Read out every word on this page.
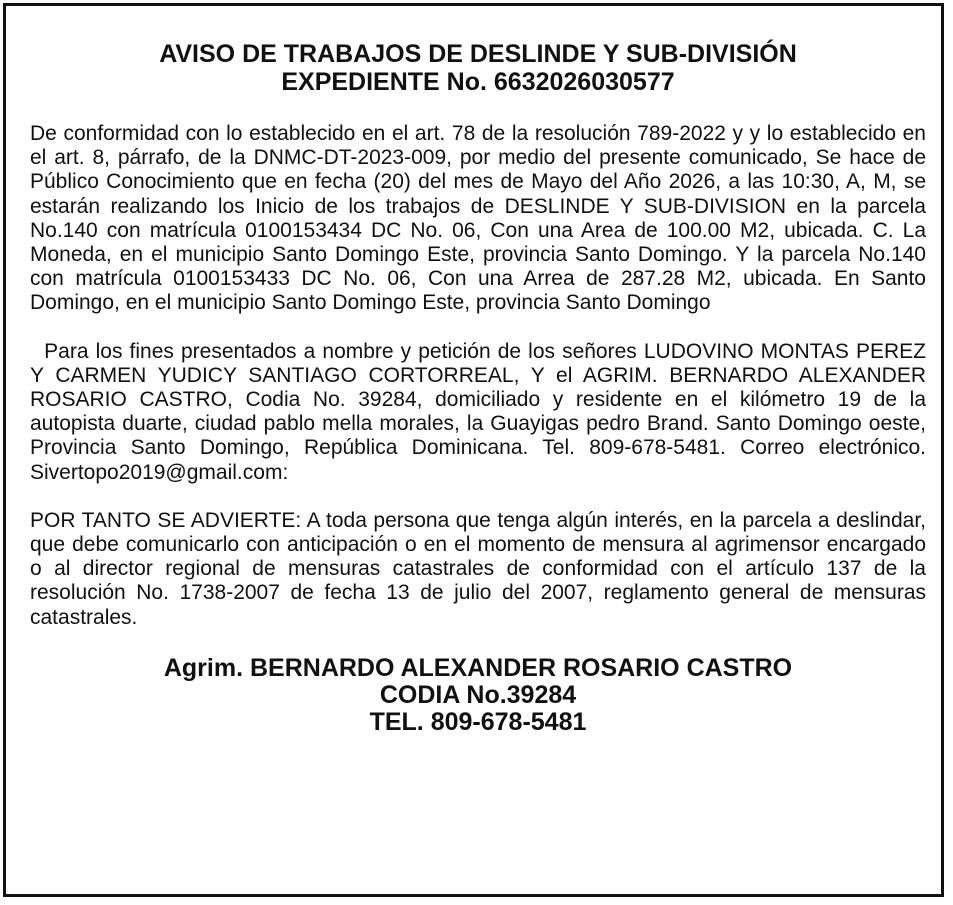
AVISO DE TRABAJOS DE DESLINDE Y SUB-DIVISIÓN

EXPEDIENTE No. 6632026030577

De conformidad con lo establecido en el art. 78 de la resolución 789-2022 y y lo establecido en el art. 8, párrafo, de la DNMC-DT-2023-009, por medio del presente comunicado, Se hace de Público Conocimiento que en fecha (20) del mes de Mayo del Año 2026, a las 10:30, A, M, se estarán realizando los Inicio de los trabajos de DESLINDE Y SUB-DIVISION en la parcela No.140 con matrícula 0100153434 DC No. 06, Con una Area de 100.00 M2, ubicada. C. La Moneda, en el municipio Santo Domingo Este, provincia Santo Domingo. Y la parcela No.140 con matrícula 0100153433 DC No. 06, Con una Arrea de 287.28 M2, ubicada. En Santo Domingo, en el municipio Santo Domingo Este, provincia Santo Domingo

Para los fines presentados a nombre y petición de los señores LUDOVINO MONTAS PEREZ Y CARMEN YUDICY SANTIAGO CORTORREAL, Y el AGRIM. BERNARDO ALEXANDER ROSARIO CASTRO, Codia No. 39284, domiciliado y residente en el kilómetro 19 de la autopista duarte, ciudad pablo mella morales, la Guayigas pedro Brand. Santo Domingo oeste, Provincia Santo Domingo, República Dominicana. Tel. 809-678-5481. Correo electrónico. Sivertopo2019@gmail.com:

POR TANTO SE ADVIERTE: A toda persona que tenga algún interés, en la parcela a deslindar, que debe comunicarlo con anticipación o en el momento de mensura al agrimensor encargado o al director regional de mensuras catastrales de conformidad con el artículo 137 de la resolución No. 1738-2007 de fecha 13 de julio del 2007, reglamento general de mensuras catastrales.

Agrim. BERNARDO ALEXANDER ROSARIO CASTRO

CODIA No.39284

TEL. 809-678-5481
